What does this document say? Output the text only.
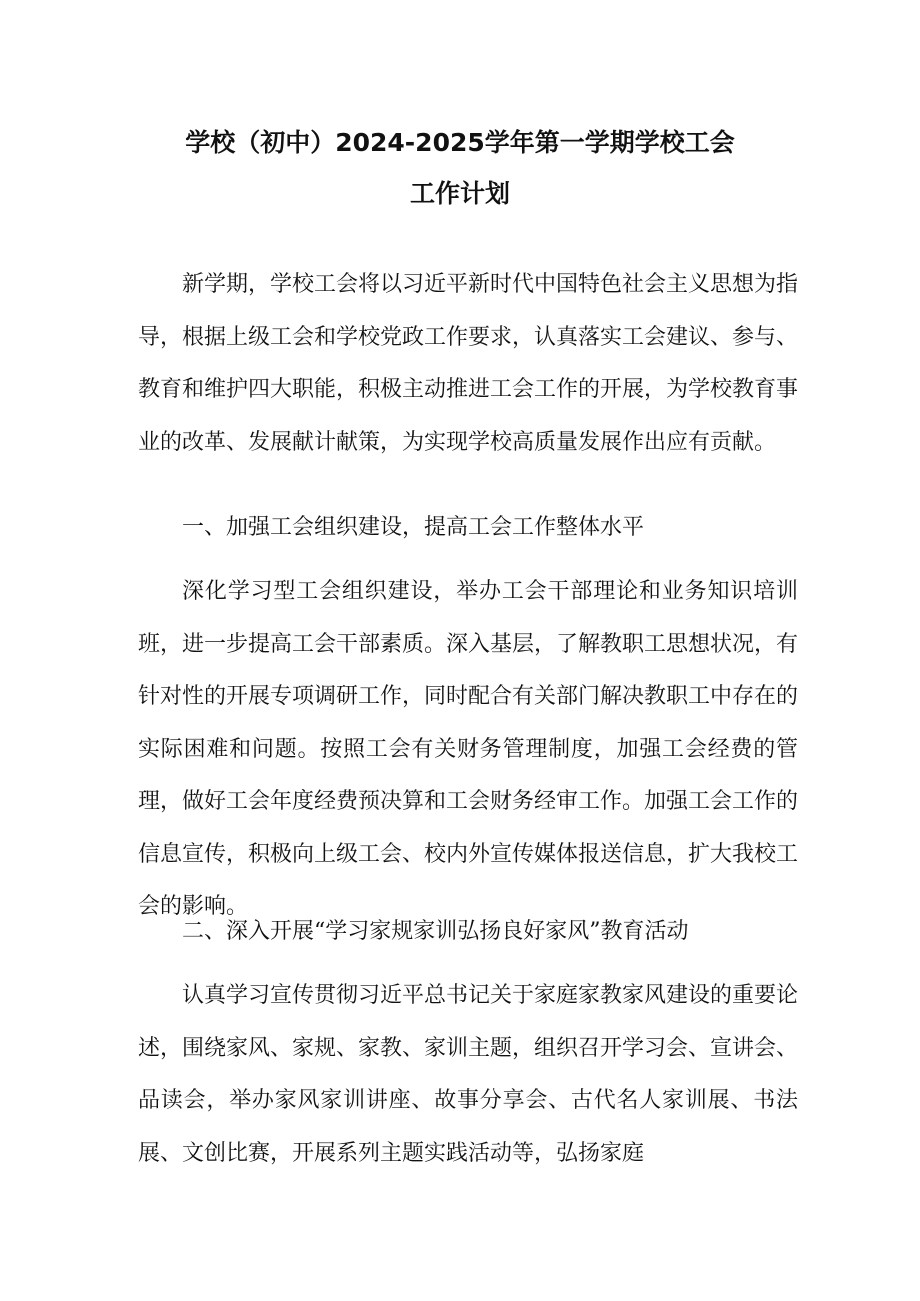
学校（初中）2024-2025学年第一学期学校工会
工作计划

新学期，学校工会将以习近平新时代中国特色社会主义思想为指导，根据上级工会和学校党政工作要求，认真落实工会建议、参与、教育和维护四大职能，积极主动推进工会工作的开展，为学校教育事业的改革、发展献计献策，为实现学校高质量发展作出应有贡献。

一、加强工会组织建设，提高工会工作整体水平

深化学习型工会组织建设，举办工会干部理论和业务知识培训班，进一步提高工会干部素质。深入基层，了解教职工思想状况，有针对性的开展专项调研工作，同时配合有关部门解决教职工中存在的实际困难和问题。按照工会有关财务管理制度，加强工会经费的管理，做好工会年度经费预决算和工会财务经审工作。加强工会工作的信息宣传，积极向上级工会、校内外宣传媒体报送信息，扩大我校工会的影响。

二、深入开展“学习家规家训弘扬良好家风”教育活动

认真学习宣传贯彻习近平总书记关于家庭家教家风建设的重要论述，围绕家风、家规、家教、家训主题，组织召开学习会、宣讲会、品读会，举办家风家训讲座、故事分享会、古代名人家训展、书法展、文创比赛，开展系列主题实践活动等，弘扬家庭
